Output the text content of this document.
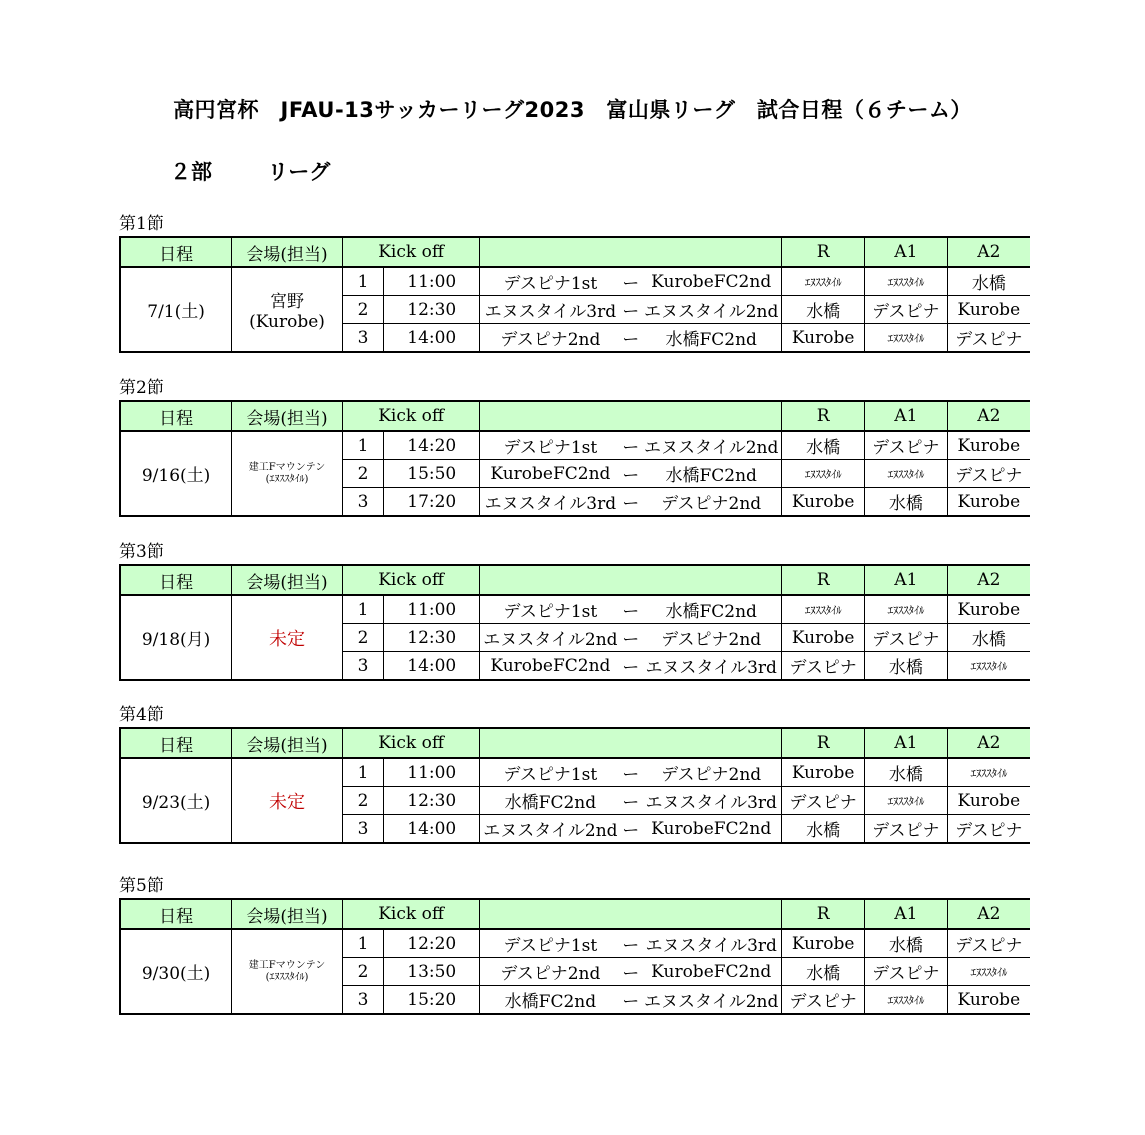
高円宮杯　JFAU-13サッカーリーグ2023　富山県リーグ　試合日程（６チーム）
２部	リーグ
第1節
日程	会場(担当)	Kick off					R	A1	A2
7/1(土)	宮野
(Kurobe)	1	11:00	デスピナ1st	ー	KurobeFC2nd	ｴﾇｽｽﾀｲﾙ	ｴﾇｽｽﾀｲﾙ	水橋
		2	12:30	エヌスタイル3rd	ー	エヌスタイル2nd	水橋	デスピナ	Kurobe
		3	14:00	デスピナ2nd	ー	水橋FC2nd	Kurobe	ｴﾇｽｽﾀｲﾙ	デスピナ
第2節
日程	会場(担当)	Kick off					R	A1	A2
9/16(土)	建工Fマウンテン
(ｴﾇｽｽﾀｲﾙ)	1	14:20	デスピナ1st	ー	エヌスタイル2nd	水橋	デスピナ	Kurobe
		2	15:50	KurobeFC2nd	ー	水橋FC2nd	ｴﾇｽｽﾀｲﾙ	ｴﾇｽｽﾀｲﾙ	デスピナ
		3	17:20	エヌスタイル3rd	ー	デスピナ2nd	Kurobe	水橋	Kurobe
第3節
日程	会場(担当)	Kick off					R	A1	A2
9/18(月)	未定	1	11:00	デスピナ1st	ー	水橋FC2nd	ｴﾇｽｽﾀｲﾙ	ｴﾇｽｽﾀｲﾙ	Kurobe
		2	12:30	エヌスタイル2nd	ー	デスピナ2nd	Kurobe	デスピナ	水橋
		3	14:00	KurobeFC2nd	ー	エヌスタイル3rd	デスピナ	水橋	ｴﾇｽｽﾀｲﾙ
第4節
日程	会場(担当)	Kick off					R	A1	A2
9/23(土)	未定	1	11:00	デスピナ1st	ー	デスピナ2nd	Kurobe	水橋	ｴﾇｽｽﾀｲﾙ
		2	12:30	水橋FC2nd	ー	エヌスタイル3rd	デスピナ	ｴﾇｽｽﾀｲﾙ	Kurobe
		3	14:00	エヌスタイル2nd	ー	KurobeFC2nd	水橋	デスピナ	デスピナ
第5節
日程	会場(担当)	Kick off					R	A1	A2
9/30(土)	建工Fマウンテン
(ｴﾇｽｽﾀｲﾙ)	1	12:20	デスピナ1st	ー	エヌスタイル3rd	Kurobe	水橋	デスピナ
		2	13:50	デスピナ2nd	ー	KurobeFC2nd	水橋	デスピナ	ｴﾇｽｽﾀｲﾙ
		3	15:20	水橋FC2nd	ー	エヌスタイル2nd	デスピナ	ｴﾇｽｽﾀｲﾙ	Kurobe
